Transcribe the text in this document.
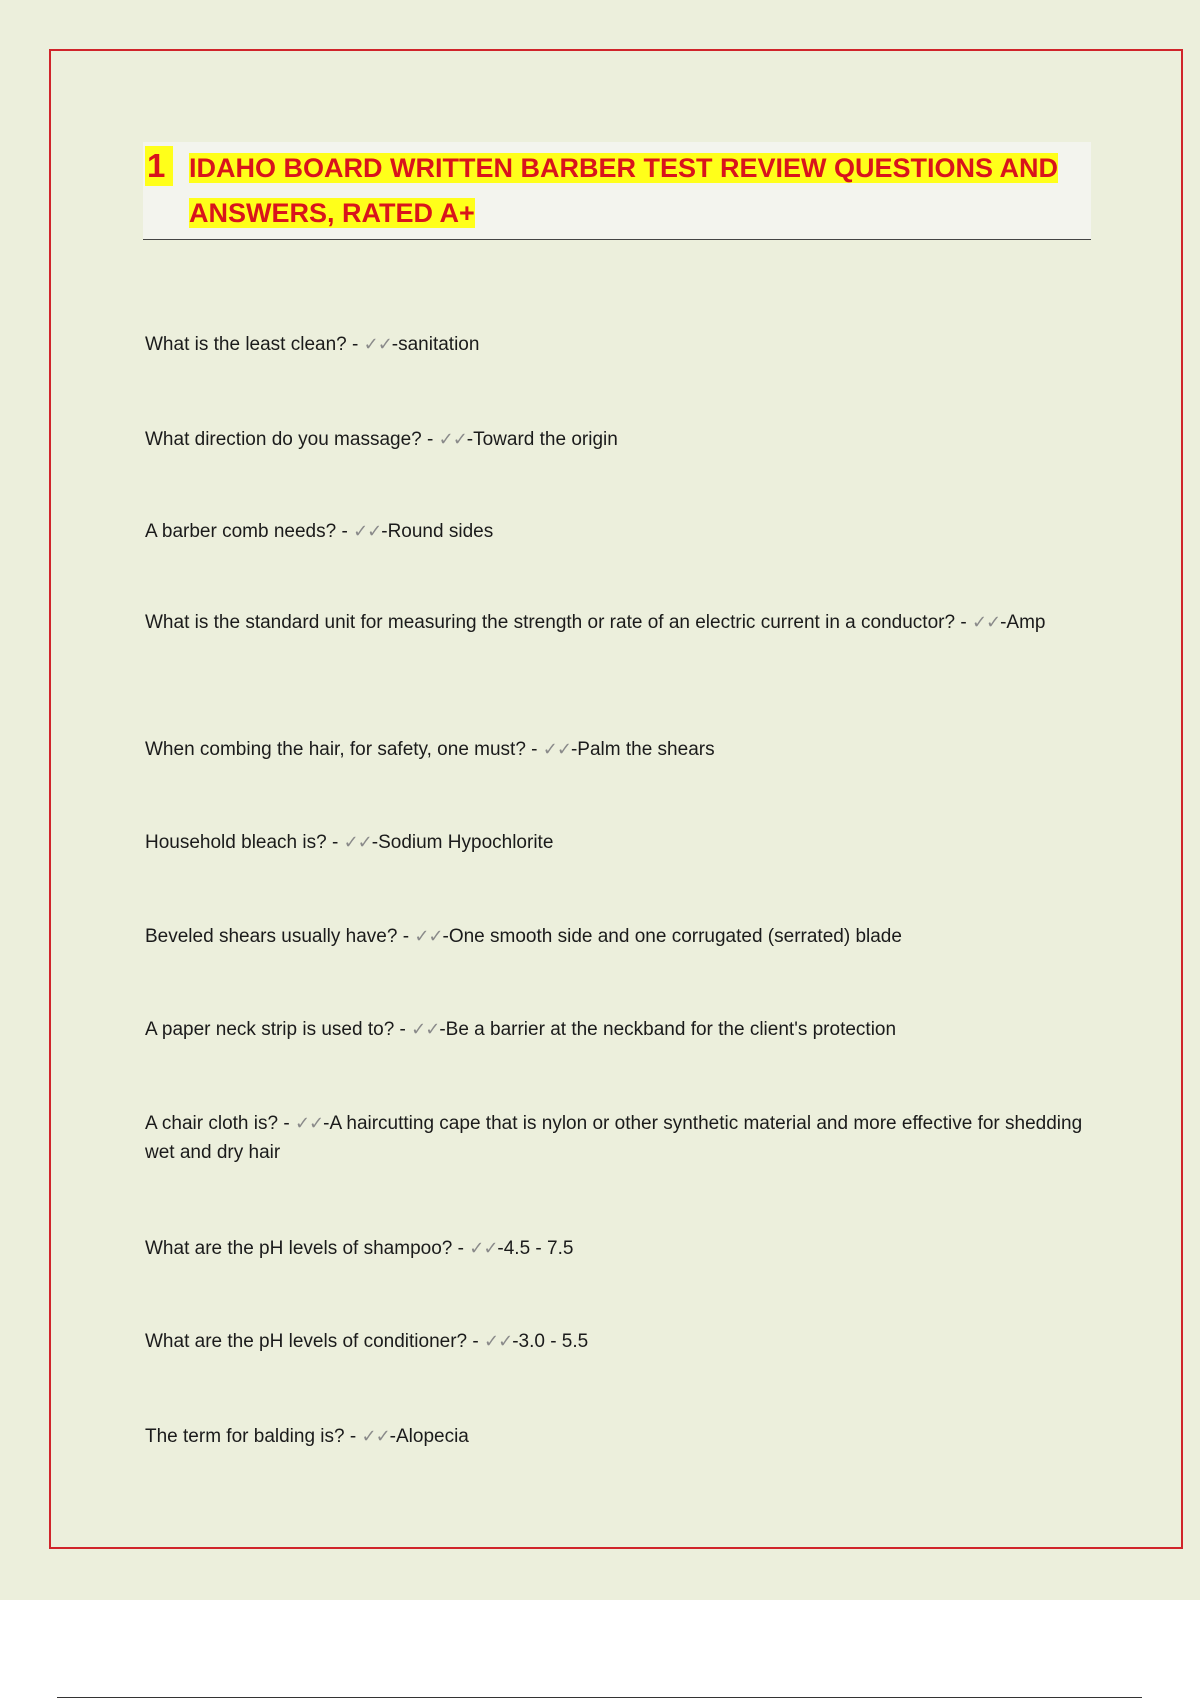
1 IDAHO BOARD WRITTEN BARBER TEST REVIEW QUESTIONS AND ANSWERS, RATED A+
What is the least clean? - ✓✓-sanitation
What direction do you massage? - ✓✓-Toward the origin
A barber comb needs? - ✓✓-Round sides
What is the standard unit for measuring the strength or rate of an electric current in a conductor? - ✓✓-Amp
When combing the hair, for safety, one must? - ✓✓-Palm the shears
Household bleach is? - ✓✓-Sodium Hypochlorite
Beveled shears usually have? - ✓✓-One smooth side and one corrugated (serrated) blade
A paper neck strip is used to? - ✓✓-Be a barrier at the neckband for the client's protection
A chair cloth is? - ✓✓-A haircutting cape that is nylon or other synthetic material and more effective for shedding wet and dry hair
What are the pH levels of shampoo? - ✓✓-4.5 - 7.5
What are the pH levels of conditioner? - ✓✓-3.0 - 5.5
The term for balding is? - ✓✓-Alopecia
